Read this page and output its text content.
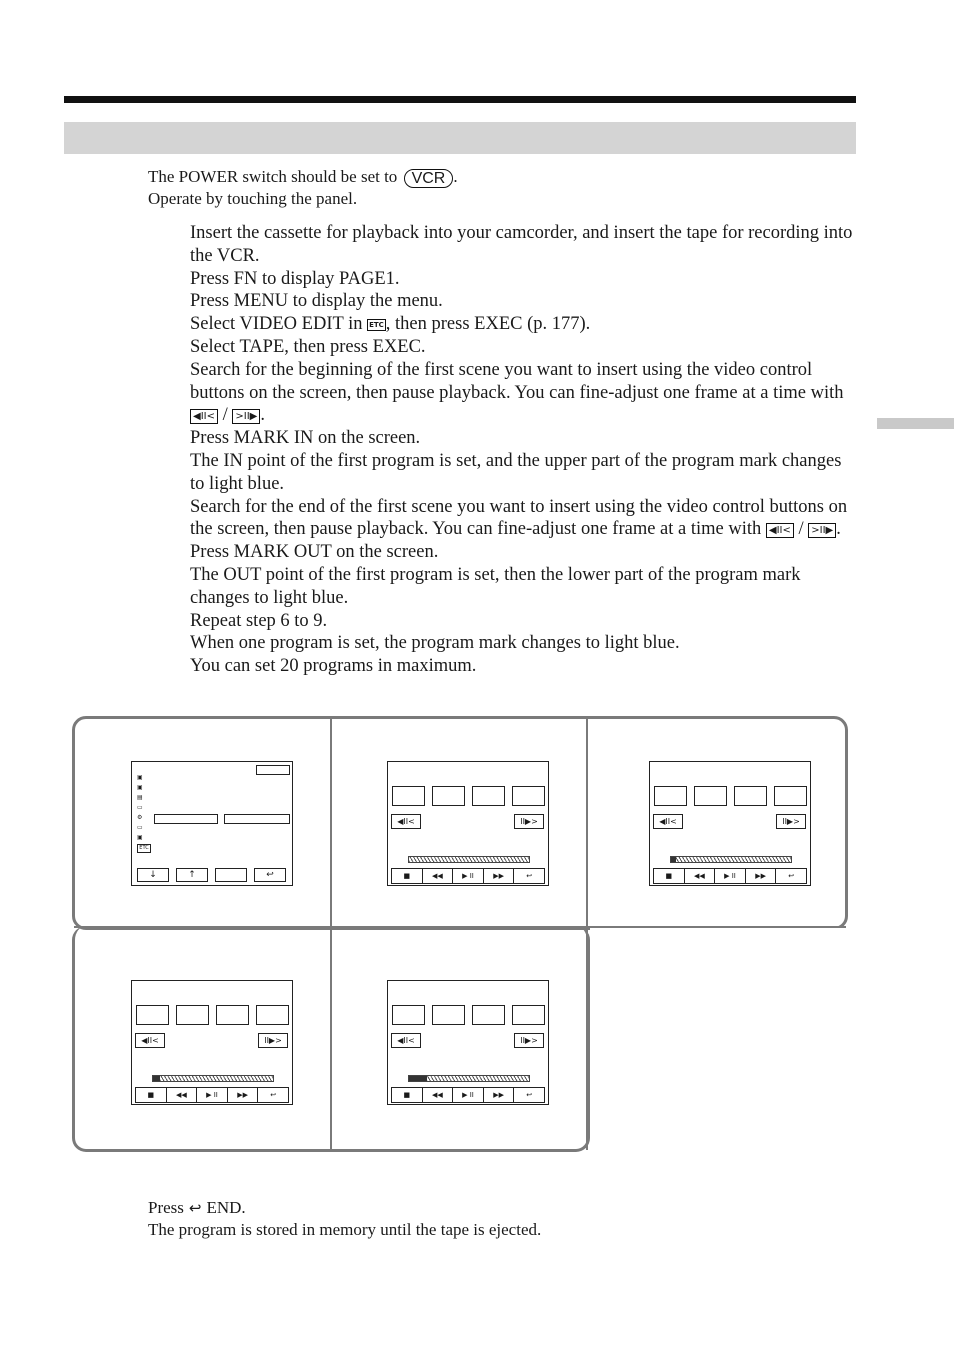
The POWER switch should be set to VCR .
Operate by touching the panel.

Insert the cassette for playback into your camcorder, and insert the tape for recording into the VCR.

Press FN to display PAGE1.

Press MENU to display the menu.

Select VIDEO EDIT in ETC , then press EXEC (p. 177).

Select TAPE, then press EXEC.

Search for the beginning of the first scene you want to insert using the video control buttons on the screen, then pause playback. You can fine-adjust one frame at a time with ◀II< / >II▶ .

Press MARK IN on the screen.

The IN point of the first program is set, and the upper part of the program mark changes to light blue.

Search for the end of the first scene you want to insert using the video control buttons on the screen, then pause playback. You can fine-adjust one frame at a time with ◀II< / >II▶ .

Press MARK OUT on the screen.

The OUT point of the first program is set, then the lower part of the program mark changes to light blue.

Repeat step 6 to 9.

When one program is set, the program mark changes to light blue.

You can set 20 programs in maximum.

▣
▣
▤
▭
⚙
▭
▣
ETC
↓	↑	↩
◀II<	II▶>
■	◀◀	▶ II	▶▶	↩
◀II<	II▶>
■	◀◀	▶ II	▶▶	↩
◀II<	II▶>
■	◀◀	▶ II	▶▶	↩
◀II<	II▶>
■	◀◀	▶ II	▶▶	↩
Press ↩ END.
The program is stored in memory until the tape is ejected.
